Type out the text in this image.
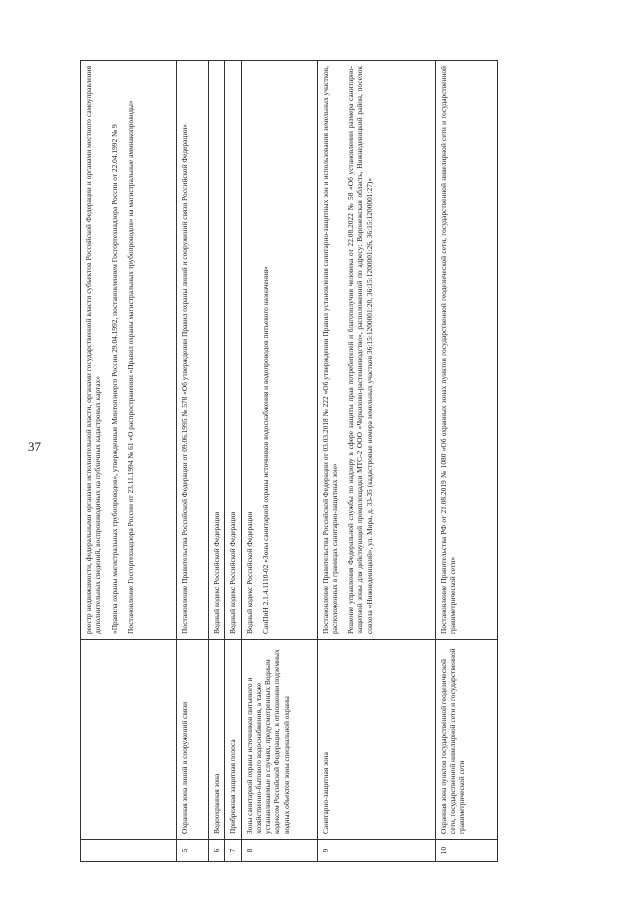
37

		реестр недвижимости, федеральными органами исполнительной власти, органами государственной власти субъектов Российской Федерации и органами местного самоуправления дополнительных сведений, воспроизводимых на публичных кадастровых картах» «Правила охраны магистральных трубопроводов», утвержденные Минтопэнерго России 29.04.1992, постановлением Госгортехнадзора России от 22.04.1992 № 9 Постановление Госгортехнадзора России от 23.11.1994 № 61 «О распространении «Правил охраны магистральных трубопроводов» на магистральные аммиакопроводы»

5	Охранная зона линий и сооружений связи	Постановление Правительства Российской Федерации от 09.06.1995 № 578 «Об утверждении Правил охраны линий и сооружений связи Российской Федерации»

6	Водоохранная зона	Водный кодекс Российской Федерации

7	Прибрежная защитная полоса	Водный кодекс Российской Федерации

8	Зоны санитарной охраны источников питьевого и хозяйственно-бытового водоснабжения, а также устанавливаемые в случаях, предусмотренных Водным кодексом Российской Федерации, в отношении подземных водных объектов зоны специальной охраны	Водный кодекс Российской Федерации СанПиН 2.1.4.1110-02 «Зоны санитарной охраны источников водоснабжения и водопроводов питьевого назначения»

9	Санитарно-защитная зона	Постановление Правительства Российской Федерации от 03.03.2018 № 222 «Об утверждении Правил установления санитарно-защитных зон и использования земельных участков, расположенных в границах санитарно-защитных зон» Решение управления Федеральной службы по надзору в сфере защиты прав потребителей и благополучия человека от 22.08.2022 № 58 «Об установлении размера санитарно-защитной зоны для действующей промплощадки МТС-2 ООО «Черкизово-растениеводство», расположенной по адресу: Воронежская область, Нижнедевицкий район, поселок совхоза «Нижнедевицкий», ул. Мира, д. 33-35 (кадастровые номера земельных участков 36:15:1200001:20, 36:15:1200001:26, 36:15:1200001:27)»

10	Охранная зона пунктов государственной геодезической сети, государственной нивелирной сети и государственной гравиметрической сети	Постановление Правительства РФ от 21.08.2019 № 1080 «Об охранных зонах пунктов государственной геодезической сети, государственной нивелирной сети и государственной гравиметрической сети»
